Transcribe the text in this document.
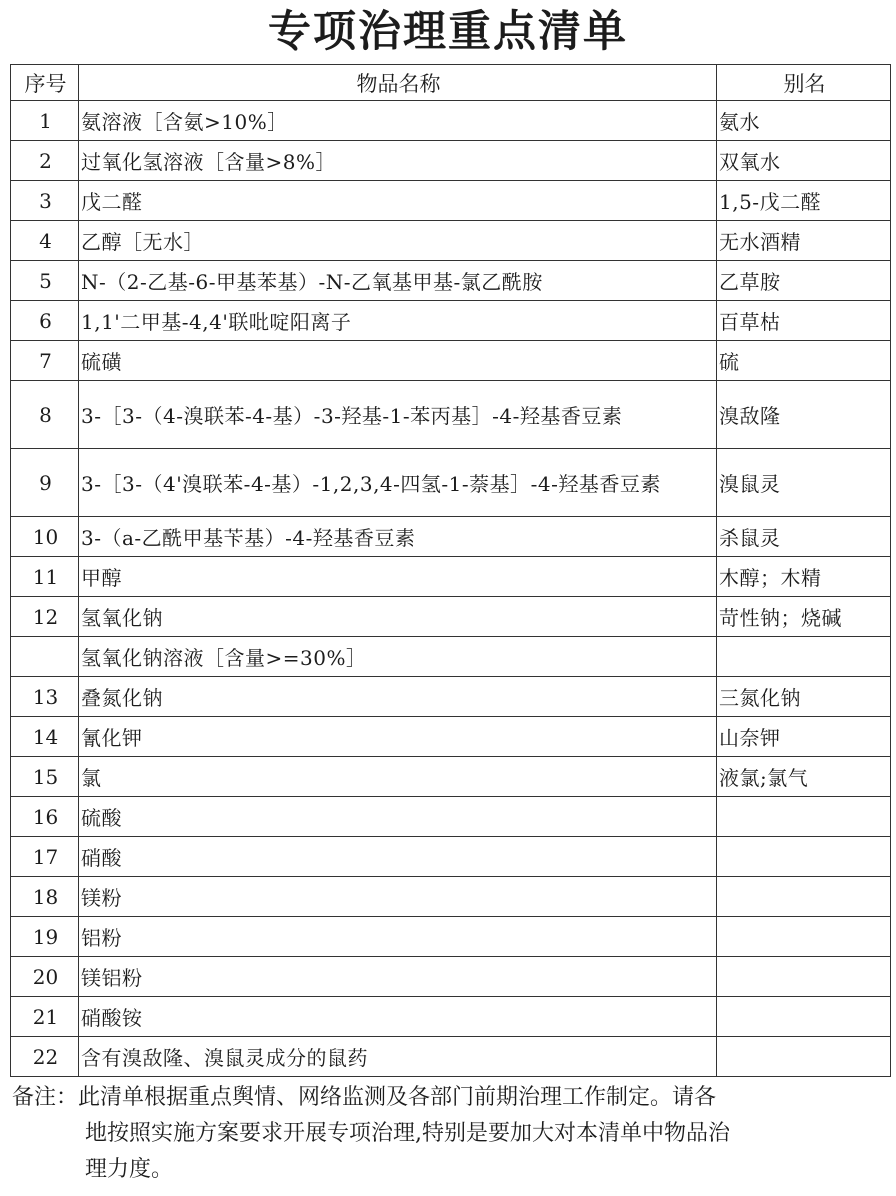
专项治理重点清单
序号	物品名称	别名
1	氨溶液［含氨>10%］	氨水
2	过氧化氢溶液［含量>8%］	双氧水
3	戊二醛	1,5-戊二醛
4	乙醇［无水］	无水酒精
5	N-（2-乙基-6-甲基苯基）-N-乙氧基甲基-氯乙酰胺	乙草胺
6	1,1'二甲基-4,4'联吡啶阳离子	百草枯
7	硫磺	硫
8	3-［3-（4-溴联苯-4-基）-3-羟基-1-苯丙基］-4-羟基香豆素	溴敌隆
9	3-［3-（4'溴联苯-4-基）-1,2,3,4-四氢-1-萘基］-4-羟基香豆素	溴鼠灵
10	3-（a-乙酰甲基苄基）-4-羟基香豆素	杀鼠灵
11	甲醇	木醇；木精
12	氢氧化钠	苛性钠；烧碱
	氢氧化钠溶液［含量>=30%］	
13	叠氮化钠	三氮化钠
14	氰化钾	山奈钾
15	氯	液氯;氯气
16	硫酸	
17	硝酸	
18	镁粉	
19	铝粉	
20	镁铝粉	
21	硝酸铵	
22	含有溴敌隆、溴鼠灵成分的鼠药	
备注：此清单根据重点舆情、网络监测及各部门前期治理工作制定。请各
地按照实施方案要求开展专项治理,特别是要加大对本清单中物品治
理力度。
